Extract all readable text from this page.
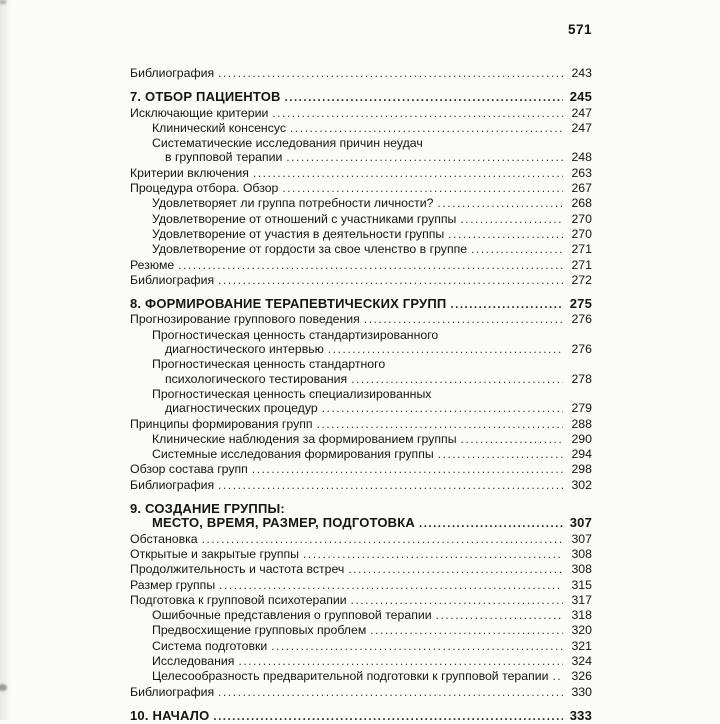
571
Библиография .....	243
7. ОТБОР ПАЦИЕНТОВ .....	245
Исключающие критерии .....	247
Клинический консенсус .....	247
Систематические исследования причин неудач
в групповой терапии .....	248
Критерии включения .....	263
Процедура отбора. Обзор .....	267
Удовлетворяет ли группа потребности личности? .....	268
Удовлетворение от отношений с участниками группы .....	270
Удовлетворение от участия в деятельности группы .....	270
Удовлетворение от гордости за свое членство в группе .....	271
Резюме .....	271
Библиография .....	272
8. ФОРМИРОВАНИЕ ТЕРАПЕВТИЧЕСКИХ ГРУПП .....	275
Прогнозирование группового поведения .....	276
Прогностическая ценность стандартизированного
диагностического интервью .....	276
Прогностическая ценность стандартного
психологического тестирования .....	278
Прогностическая ценность специализированных
диагностических процедур .....	279
Принципы формирования групп .....	288
Клинические наблюдения за формированием группы .....	290
Системные исследования формирования группы .....	294
Обзор состава групп .....	298
Библиография .....	302
9. СОЗДАНИЕ ГРУППЫ:
МЕСТО, ВРЕМЯ, РАЗМЕР, ПОДГОТОВКА .....	307
Обстановка .....	307
Открытые и закрытые группы .....	308
Продолжительность и частота встреч .....	308
Размер группы .....	315
Подготовка к групповой психотерапии .....	317
Ошибочные представления о групповой терапии .....	318
Предвосхищение групповых проблем .....	320
Система подготовки .....	321
Исследования .....	324
Целесообразность предварительной подготовки к групповой терапии .....	326
Библиография .....	330
10. НАЧАЛО .....	333
